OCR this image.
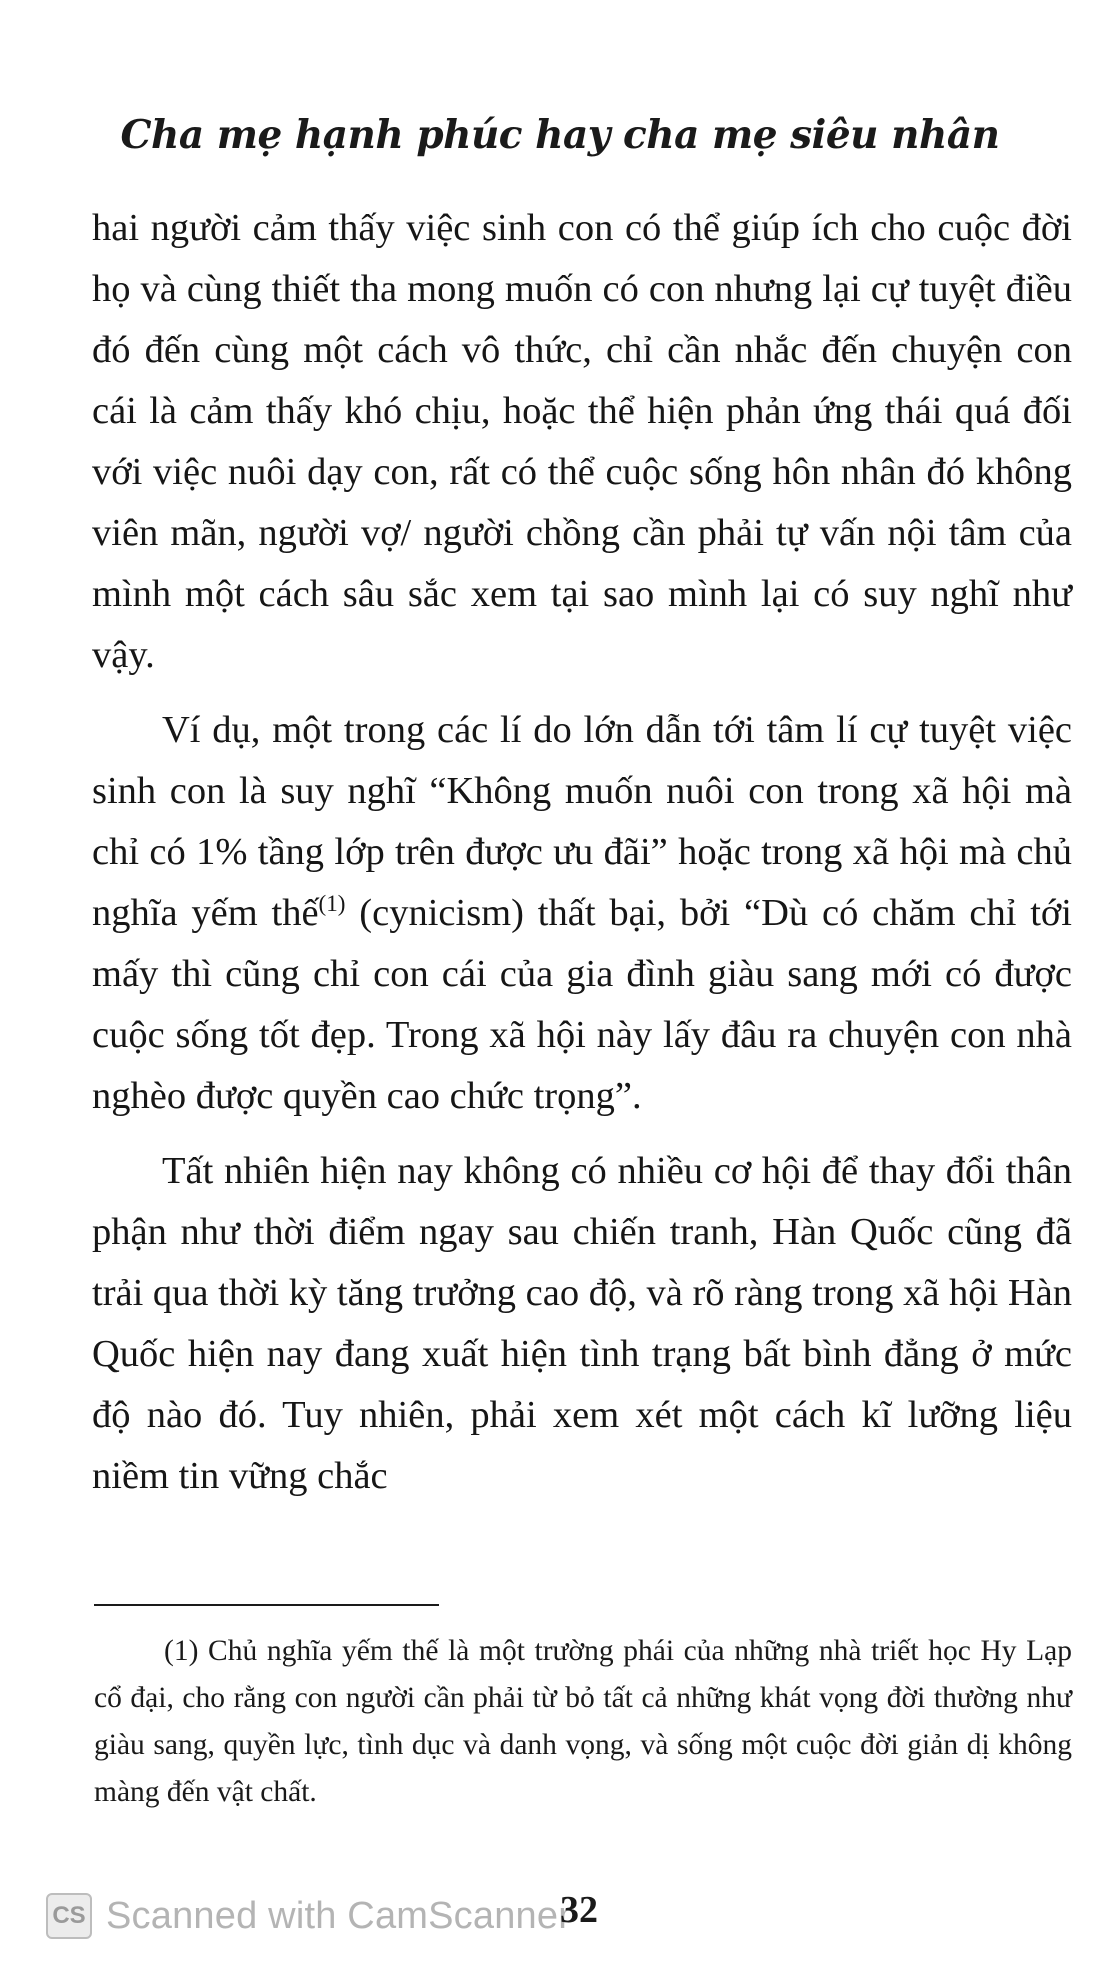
Cha mẹ hạnh phúc hay cha mẹ siêu nhân

hai người cảm thấy việc sinh con có thể giúp ích cho cuộc đời họ và cùng thiết tha mong muốn có con nhưng lại cự tuyệt điều đó đến cùng một cách vô thức, chỉ cần nhắc đến chuyện con cái là cảm thấy khó chịu, hoặc thể hiện phản ứng thái quá đối với việc nuôi dạy con, rất có thể cuộc sống hôn nhân đó không viên mãn, người vợ/ người chồng cần phải tự vấn nội tâm của mình một cách sâu sắc xem tại sao mình lại có suy nghĩ như vậy.

Ví dụ, một trong các lí do lớn dẫn tới tâm lí cự tuyệt việc sinh con là suy nghĩ “Không muốn nuôi con trong xã hội mà chỉ có 1% tầng lớp trên được ưu đãi” hoặc trong xã hội mà chủ nghĩa yếm thế$^{(1)}$ (cynicism) thất bại, bởi “Dù có chăm chỉ tới mấy thì cũng chỉ con cái của gia đình giàu sang mới có được cuộc sống tốt đẹp. Trong xã hội này lấy đâu ra chuyện con nhà nghèo được quyền cao chức trọng”.

Tất nhiên hiện nay không có nhiều cơ hội để thay đổi thân phận như thời điểm ngay sau chiến tranh, Hàn Quốc cũng đã trải qua thời kỳ tăng trưởng cao độ, và rõ ràng trong xã hội Hàn Quốc hiện nay đang xuất hiện tình trạng bất bình đẳng ở mức độ nào đó. Tuy nhiên, phải xem xét một cách kĩ lưỡng liệu niềm tin vững chắc

(1) Chủ nghĩa yếm thế là một trường phái của những nhà triết học Hy Lạp cổ đại, cho rằng con người cần phải từ bỏ tất cả những khát vọng đời thường như giàu sang, quyền lực, tình dục và danh vọng, và sống một cuộc đời giản dị không màng đến vật chất.

CS Scanned with CamScanner
32
